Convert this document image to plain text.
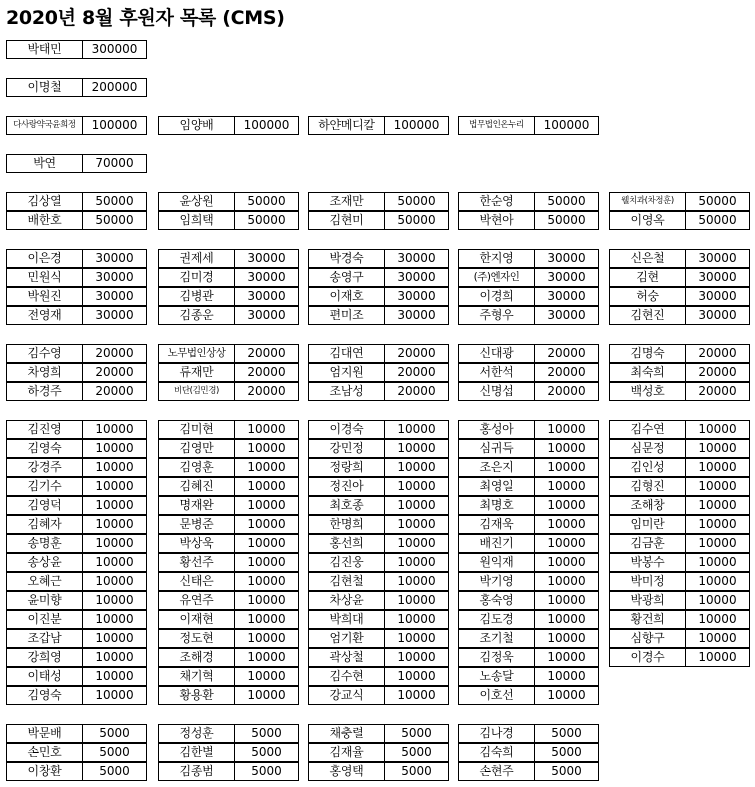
2020년 8월 후원자 목록 (CMS)
박태민	300000
이명철	200000
다사랑약국윤희정	100000	임양배	100000	하얀메디칼	100000	법무법인온누리	100000
박연	70000
김상열	50000
배한호	50000
윤상원	50000
임희택	50000
조재만	50000
김현미	50000
한순영	50000
박현아	50000
웰치과(차정훈)	50000
이영옥	50000
이은경	30000
민원식	30000
박원진	30000
전영재	30000
권제세	30000
김미경	30000
김병관	30000
김종운	30000
박경숙	30000
송영구	30000
이재호	30000
편미조	30000
한지영	30000
(주)엔자인	30000
이경희	30000
주형우	30000
신은철	30000
김현	30000
허숭	30000
김현진	30000
김수영	20000
차영희	20000
하경주	20000
노무법인상상	20000
류재만	20000
비단(김민경)	20000
김대연	20000
엄지원	20000
조남성	20000
신대광	20000
서한석	20000
신명섭	20000
김명숙	20000
최숙희	20000
백성호	20000
김진영	10000
김영숙	10000
강경주	10000
김기수	10000
김영덕	10000
김혜자	10000
송명훈	10000
송상윤	10000
오혜근	10000
윤미향	10000
이진분	10000
조갑남	10000
강희영	10000
이태성	10000
김영숙	10000
김미현	10000
김영만	10000
김영훈	10000
김혜진	10000
명재완	10000
문병준	10000
박상욱	10000
황선주	10000
신태은	10000
유연주	10000
이재현	10000
정도현	10000
조해경	10000
채기혁	10000
황용환	10000
이경숙	10000
강민정	10000
정랑희	10000
정진아	10000
최호종	10000
한명희	10000
홍선희	10000
김진웅	10000
김현철	10000
차상윤	10000
박희대	10000
엄기환	10000
곽상철	10000
김수현	10000
강교식	10000
홍성아	10000
심귀득	10000
조은지	10000
최영일	10000
최명호	10000
김재욱	10000
배진기	10000
원익재	10000
박기영	10000
홍숙영	10000
김도경	10000
조기철	10000
김정욱	10000
노송달	10000
이호선	10000
김수연	10000
심문정	10000
김인성	10000
김형진	10000
조해창	10000
임미란	10000
김금훈	10000
박봉수	10000
박미정	10000
박광희	10000
황건희	10000
심향구	10000
이경수	10000
박문배	5000
손민호	5000
이창환	5000
정성훈	5000
김한별	5000
김종범	5000
채충렬	5000
김재율	5000
홍영택	5000
김나경	5000
김숙희	5000
손현주	5000
